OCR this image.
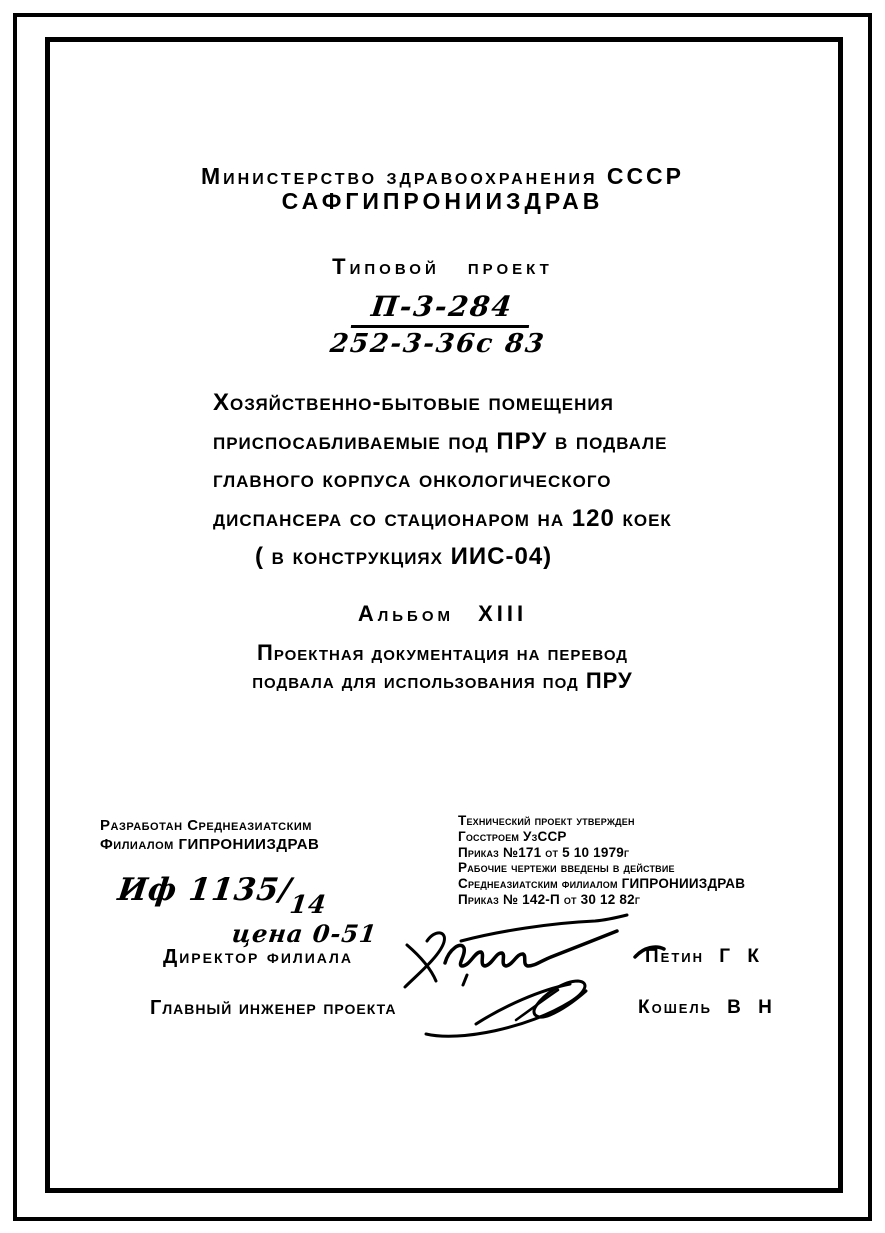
Министерство здравоохранения СССР
САФГИПРОНИИЗДРАВ
Типовой проект
П-3-284
252-3-36с 83
Хозяйственно-бытовые помещения
приспосабливаемые под ПРУ в подвале
главного корпуса онкологического
диспансера со стационаром на 120 коек
( в конструкциях ИИС-04)
Альбом XIII
Проектная документация на перевод
подвала для использования под ПРУ
Разработан Среднеазиатским
Филиалом ГИПРОНИИЗДРАВ
Иф $1135/_{14}$
цена 0-51
Технический проект утвержден
Госстроем УзССР
Приказ №171 от 5 10 1979г
Рабочие чертежи введены в действие
Среднеазиатским филиалом ГИПРОНИИЗДРАВ
Приказ № 142-П от 30 12 82г
Директор филиала	Петин Г К
Главный инженер проекта	Кошель В Н
